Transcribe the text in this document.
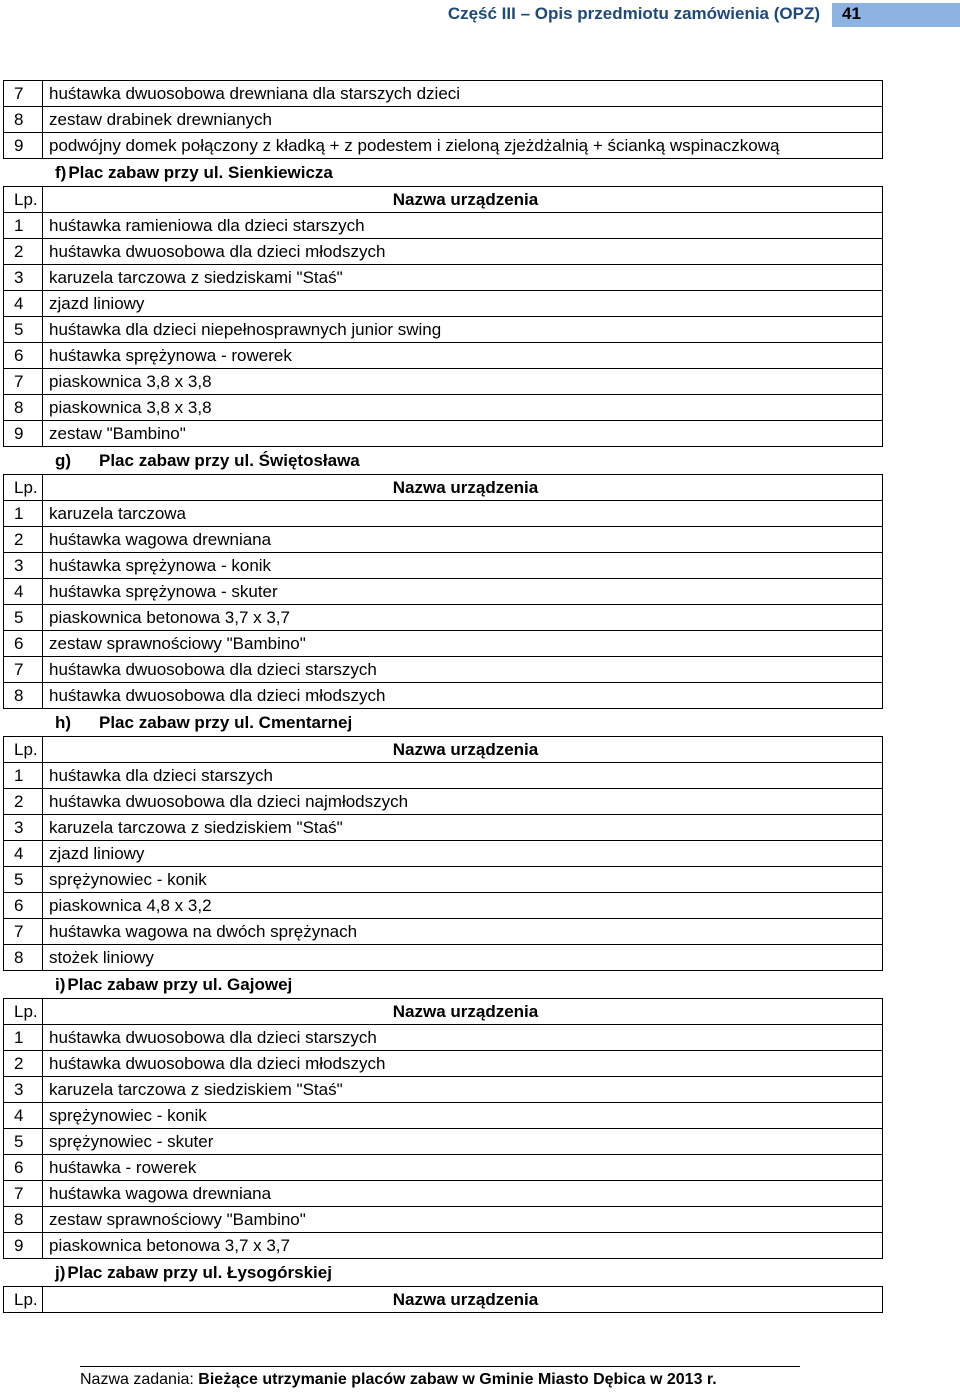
Część III – Opis przedmiotu zamówienia (OPZ) 41
7	huśtawka dwuosobowa drewniana dla starszych dzieci
8	zestaw drabinek drewnianych
9	podwójny domek połączony z kładką + z podestem i zieloną zjeżdżalnią + ścianką wspinaczkową
f) Plac zabaw przy ul. Sienkiewicza
Lp.	Nazwa urządzenia
1	huśtawka ramieniowa dla dzieci starszych
2	huśtawka dwuosobowa dla dzieci młodszych
3	karuzela tarczowa z siedziskami "Staś"
4	zjazd liniowy
5	huśtawka dla dzieci niepełnosprawnych junior swing
6	huśtawka sprężynowa - rowerek
7	piaskownica 3,8 x 3,8
8	piaskownica 3,8 x 3,8
9	zestaw "Bambino"
g) Plac zabaw przy ul. Świętosława
Lp.	Nazwa urządzenia
1	karuzela tarczowa
2	huśtawka wagowa drewniana
3	huśtawka sprężynowa - konik
4	huśtawka sprężynowa - skuter
5	piaskownica betonowa 3,7 x 3,7
6	zestaw sprawnościowy "Bambino"
7	huśtawka dwuosobowa dla dzieci starszych
8	huśtawka dwuosobowa dla dzieci młodszych
h) Plac zabaw przy ul. Cmentarnej
Lp.	Nazwa urządzenia
1	huśtawka dla dzieci starszych
2	huśtawka dwuosobowa dla dzieci najmłodszych
3	karuzela tarczowa z siedziskiem "Staś"
4	zjazd liniowy
5	sprężynowiec - konik
6	piaskownica 4,8 x 3,2
7	huśtawka wagowa na dwóch sprężynach
8	stożek liniowy
i) Plac zabaw przy ul. Gajowej
Lp.	Nazwa urządzenia
1	huśtawka dwuosobowa dla dzieci starszych
2	huśtawka dwuosobowa dla dzieci młodszych
3	karuzela tarczowa z siedziskiem "Staś"
4	sprężynowiec - konik
5	sprężynowiec - skuter
6	huśtawka - rowerek
7	huśtawka wagowa drewniana
8	zestaw sprawnościowy "Bambino"
9	piaskownica betonowa 3,7 x 3,7
j) Plac zabaw przy ul. Łysogórskiej
Lp.	Nazwa urządzenia
Nazwa zadania: Bieżące utrzymanie placów zabaw w Gminie Miasto Dębica w 2013 r.
